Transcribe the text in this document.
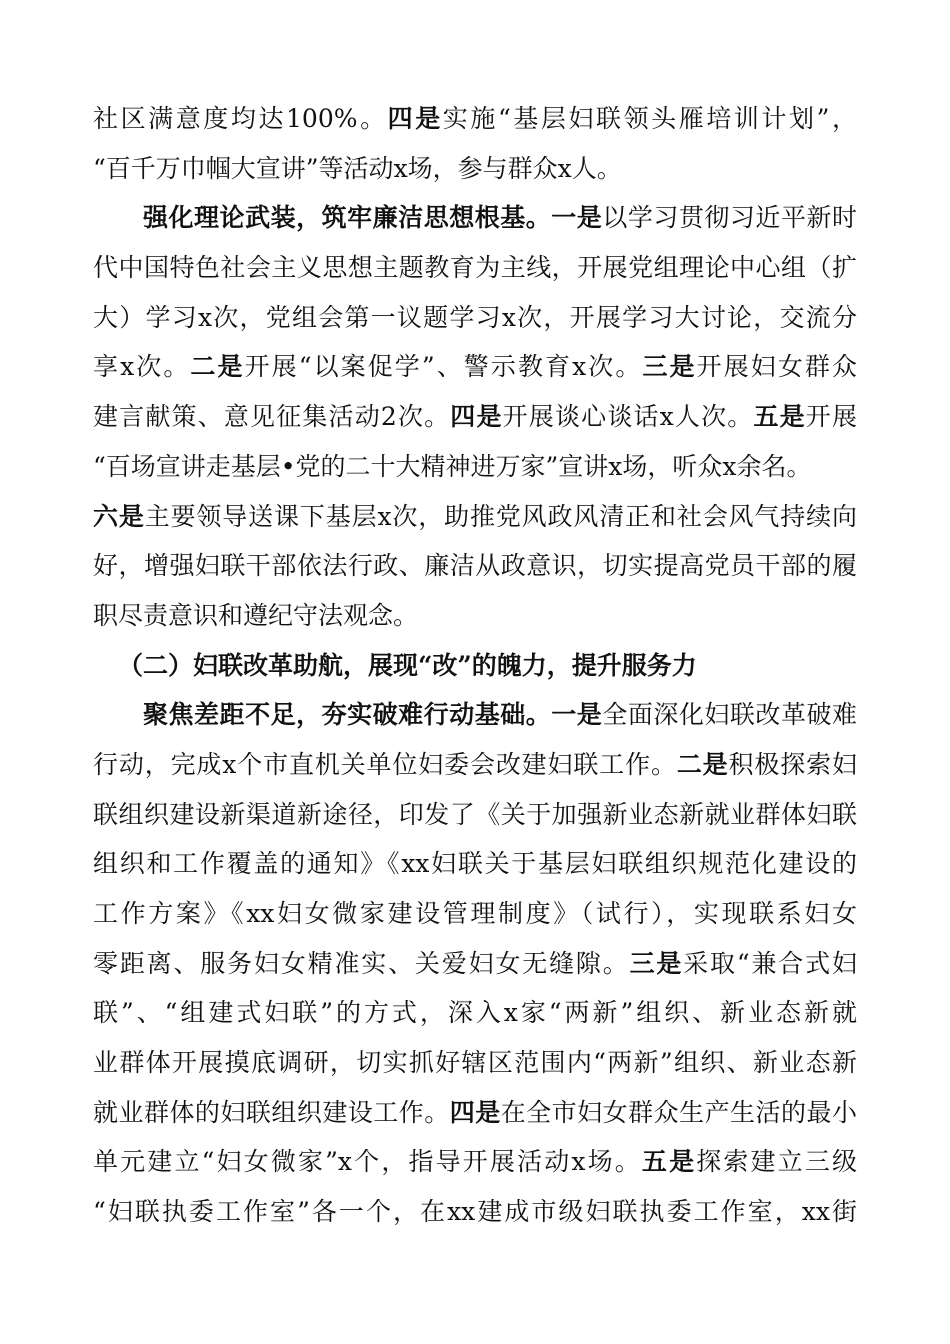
社区满意度均达100%。四是实施“基层妇联领头雁培训计划”，
“百千万巾帼大宣讲”等活动x场，参与群众x人。
强化理论武装，筑牢廉洁思想根基。一是以学习贯彻习近平新时
代中国特色社会主义思想主题教育为主线，开展党组理论中心组（扩
大）学习x次，党组会第一议题学习x次，开展学习大讨论，交流分
享x次。二是开展“以案促学”、警示教育x次。三是开展妇女群众
建言献策、意见征集活动2次。四是开展谈心谈话x人次。五是开展
“百场宣讲走基层•党的二十大精神进万家”宣讲x场，听众x余名。
六是主要领导送课下基层x次，助推党风政风清正和社会风气持续向
好，增强妇联干部依法行政、廉洁从政意识，切实提高党员干部的履
职尽责意识和遵纪守法观念。
（二）妇联改革助航，展现“改”的魄力，提升服务力
聚焦差距不足，夯实破难行动基础。一是全面深化妇联改革破难
行动，完成x个市直机关单位妇委会改建妇联工作。二是积极探索妇
联组织建设新渠道新途径，印发了《关于加强新业态新就业群体妇联
组织和工作覆盖的通知》《xx妇联关于基层妇联组织规范化建设的
工作方案》《xx妇女微家建设管理制度》（试行），实现联系妇女
零距离、服务妇女精准实、关爱妇女无缝隙。三是采取“兼合式妇
联”、“组建式妇联”的方式，深入x家“两新”组织、新业态新就
业群体开展摸底调研，切实抓好辖区范围内“两新”组织、新业态新
就业群体的妇联组织建设工作。四是在全市妇女群众生产生活的最小
单元建立“妇女微家”x个，指导开展活动x场。五是探索建立三级
“妇联执委工作室”各一个，在xx建成市级妇联执委工作室，xx街
